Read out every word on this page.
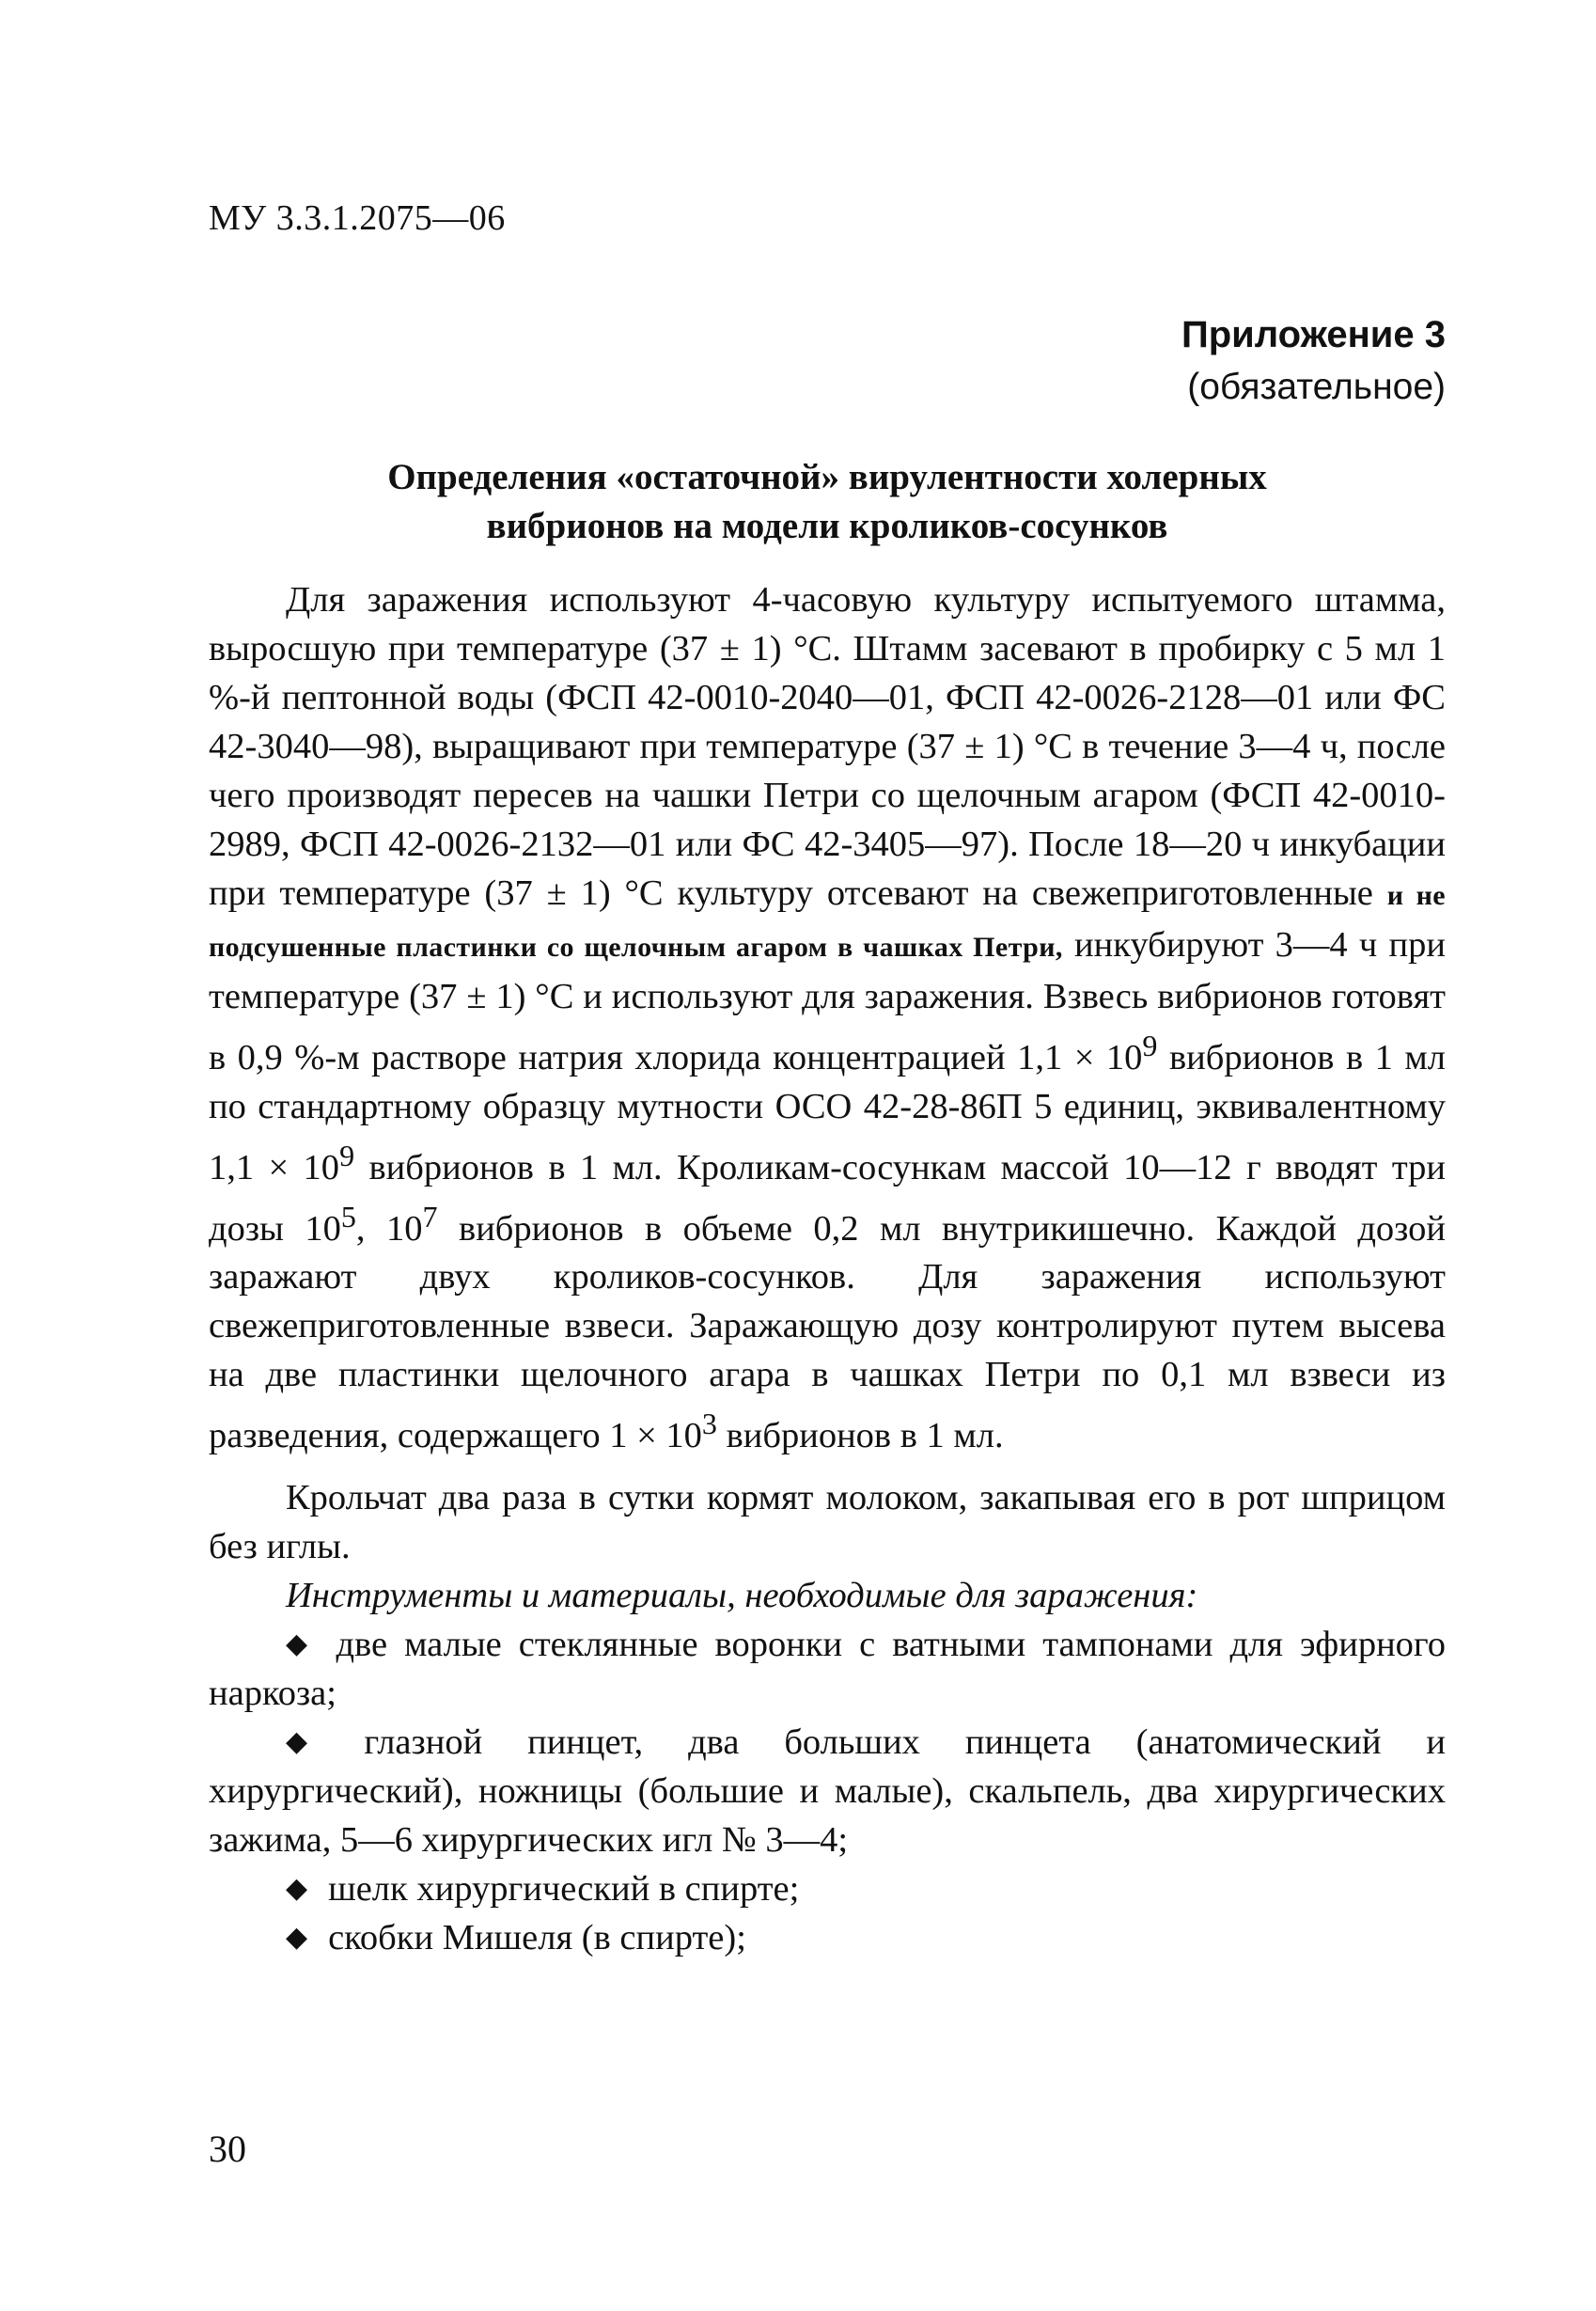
МУ 3.3.1.2075—06
Приложение 3
(обязательное)
Определения «остаточной» вирулентности холерных
вибрионов на модели кроликов-сосунков

Для заражения используют 4-часовую культуру испытуемого штамма, выросшую при температуре (37 ± 1) °С. Штамм засевают в пробирку с 5 мл 1 %-й пептонной воды (ФСП 42-0010-2040—01, ФСП 42-0026-2128—01 или ФС 42-3040—98), выращивают при температуре (37 ± 1) °С в течение 3—4 ч, после чего производят пересев на чашки Петри со щелочным агаром (ФСП 42-0010-2989, ФСП 42-0026-2132—01 или ФС 42-3405—97). После 18—20 ч инкубации при температуре (37 ± 1) °С культуру отсевают на свежеприготовленные и не подсушенные пластинки со щелочным агаром в чашках Петри, инкубируют 3—4 ч при температуре (37 ± 1) °С и используют для заражения. Взвесь вибрионов готовят в 0,9 %-м растворе натрия хлорида концентрацией $1,1 \times 10^9$ вибрионов в 1 мл по стандартному образцу мутности ОСО 42-28-86П 5 единиц, эквивалентному $1,1 \times 10^9$ вибрионов в 1 мл. Кроликам-сосункам массой 10—12 г вводят три дозы $10^5$, $10^7$ вибрионов в объеме 0,2 мл внутрикишечно. Каждой дозой заражают двух кроликов-сосунков. Для заражения используют свежеприготовленные взвеси. Заражающую дозу контролируют путем высева на две пластинки щелочного агара в чашках Петри по 0,1 мл взвеси из разведения, содержащего $1 \times 10^3$ вибрионов в 1 мл.

Крольчат два раза в сутки кормят молоком, закапывая его в рот шприцом без иглы.

Инструменты и материалы, необходимые для заражения:

◆ две малые стеклянные воронки с ватными тампонами для эфирного наркоза;

◆ глазной пинцет, два больших пинцета (анатомический и хирургический), ножницы (большие и малые), скальпель, два хирургических зажима, 5—6 хирургических игл № 3—4;

◆ шелк хирургический в спирте;

◆ скобки Мишеля (в спирте);

30
